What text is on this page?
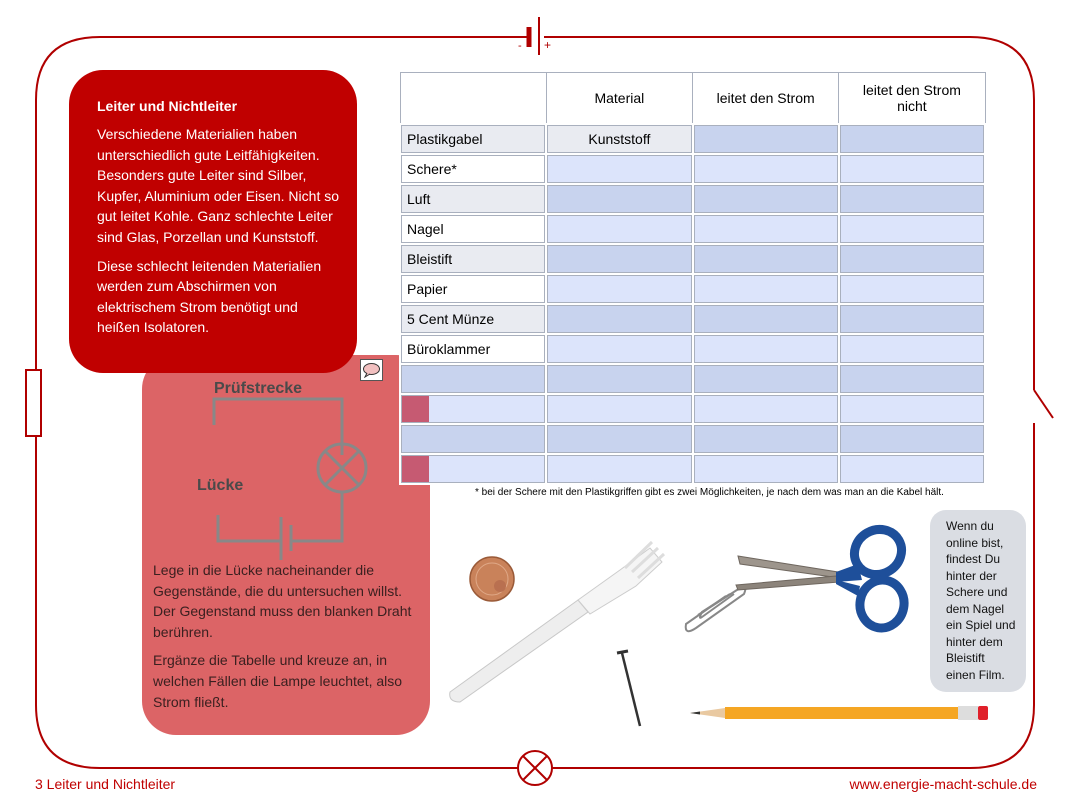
- +
Leiter und Nichtleiter

Verschiedene Materialien haben unterschiedlich gute Leitfähigkeiten. Besonders gute Leiter sind Silber, Kupfer, Aluminium oder Eisen. Nicht so gut leitet Kohle. Ganz schlechte Leiter sind Glas, Porzellan und Kunststoff.

Diese schlecht leitenden Materialien werden zum Abschirmen von elektrischem Strom benötigt und heißen Isolatoren.

Prüfstrecke
Lücke

Lege in die Lücke nacheinander die Gegenstände, die du untersuchen willst. Der Gegenstand muss den blanken Draht berühren.

Ergänze die Tabelle und kreuze an, in welchen Fällen die Lampe leuchtet, also Strom fließt.

	Material	leitet den Strom	leitet den Strom nicht
Plastikgabel	Kunststoff		
Schere*			
Luft			
Nagel			
Bleistift			
Papier			
5 Cent Münze			
Büroklammer			

* bei der Schere mit den Plastikgriffen gibt es zwei Möglichkeiten, je nach dem was man an die Kabel hält.
Wenn du
online bist,
findest Du
hinter der
Schere und
dem Nagel
ein Spiel und
hinter dem
Bleistift
einen Film.
3 Leiter und Nichtleiter	www.energie-macht-schule.de
